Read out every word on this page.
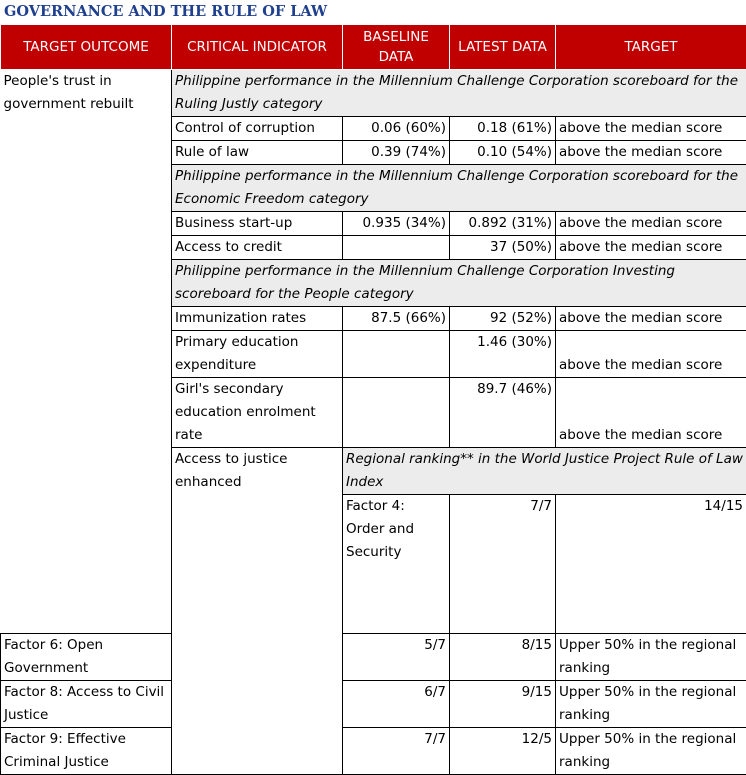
GOVERNANCE AND THE RULE OF LAW
TARGET OUTCOME	CRITICAL INDICATOR	BASELINE DATA	LATEST DATA	TARGET	
People's trust in government rebuilt	Philippine performance in the Millennium Challenge Corporation scoreboard for the Ruling Justly category				
	Control of corruption	0.06 (60%)	0.18 (61%)	above the median score	
	Rule of law	0.39 (74%)	0.10 (54%)	above the median score	
	Philippine performance in the Millennium Challenge Corporation scoreboard for the Economic Freedom category				
	Business start-up	0.935 (34%)	0.892 (31%)	above the median score	
	Access to credit		37 (50%)	above the median score	
	Philippine performance in the Millennium Challenge Corporation Investing scoreboard for the People category				
	Immunization rates	87.5 (66%)	92 (52%)	above the median score	
	Primary education expenditure		1.46 (30%)	above the median score	
	Girl's secondary education enrolment rate		89.7 (46%)	above the median score	
	Access to justice enhanced	Regional ranking** in the World Justice Project Rule of Law Index			
		Factor 4: Order and Security	7/7	14/15	
Factor 6: Open Government		5/7	8/15	Upper 50% in the regional ranking	
Factor 8: Access to Civil Justice		6/7	9/15	Upper 50% in the regional ranking	
Factor 9: Effective Criminal Justice		7/7	12/5	Upper 50% in the regional ranking	
